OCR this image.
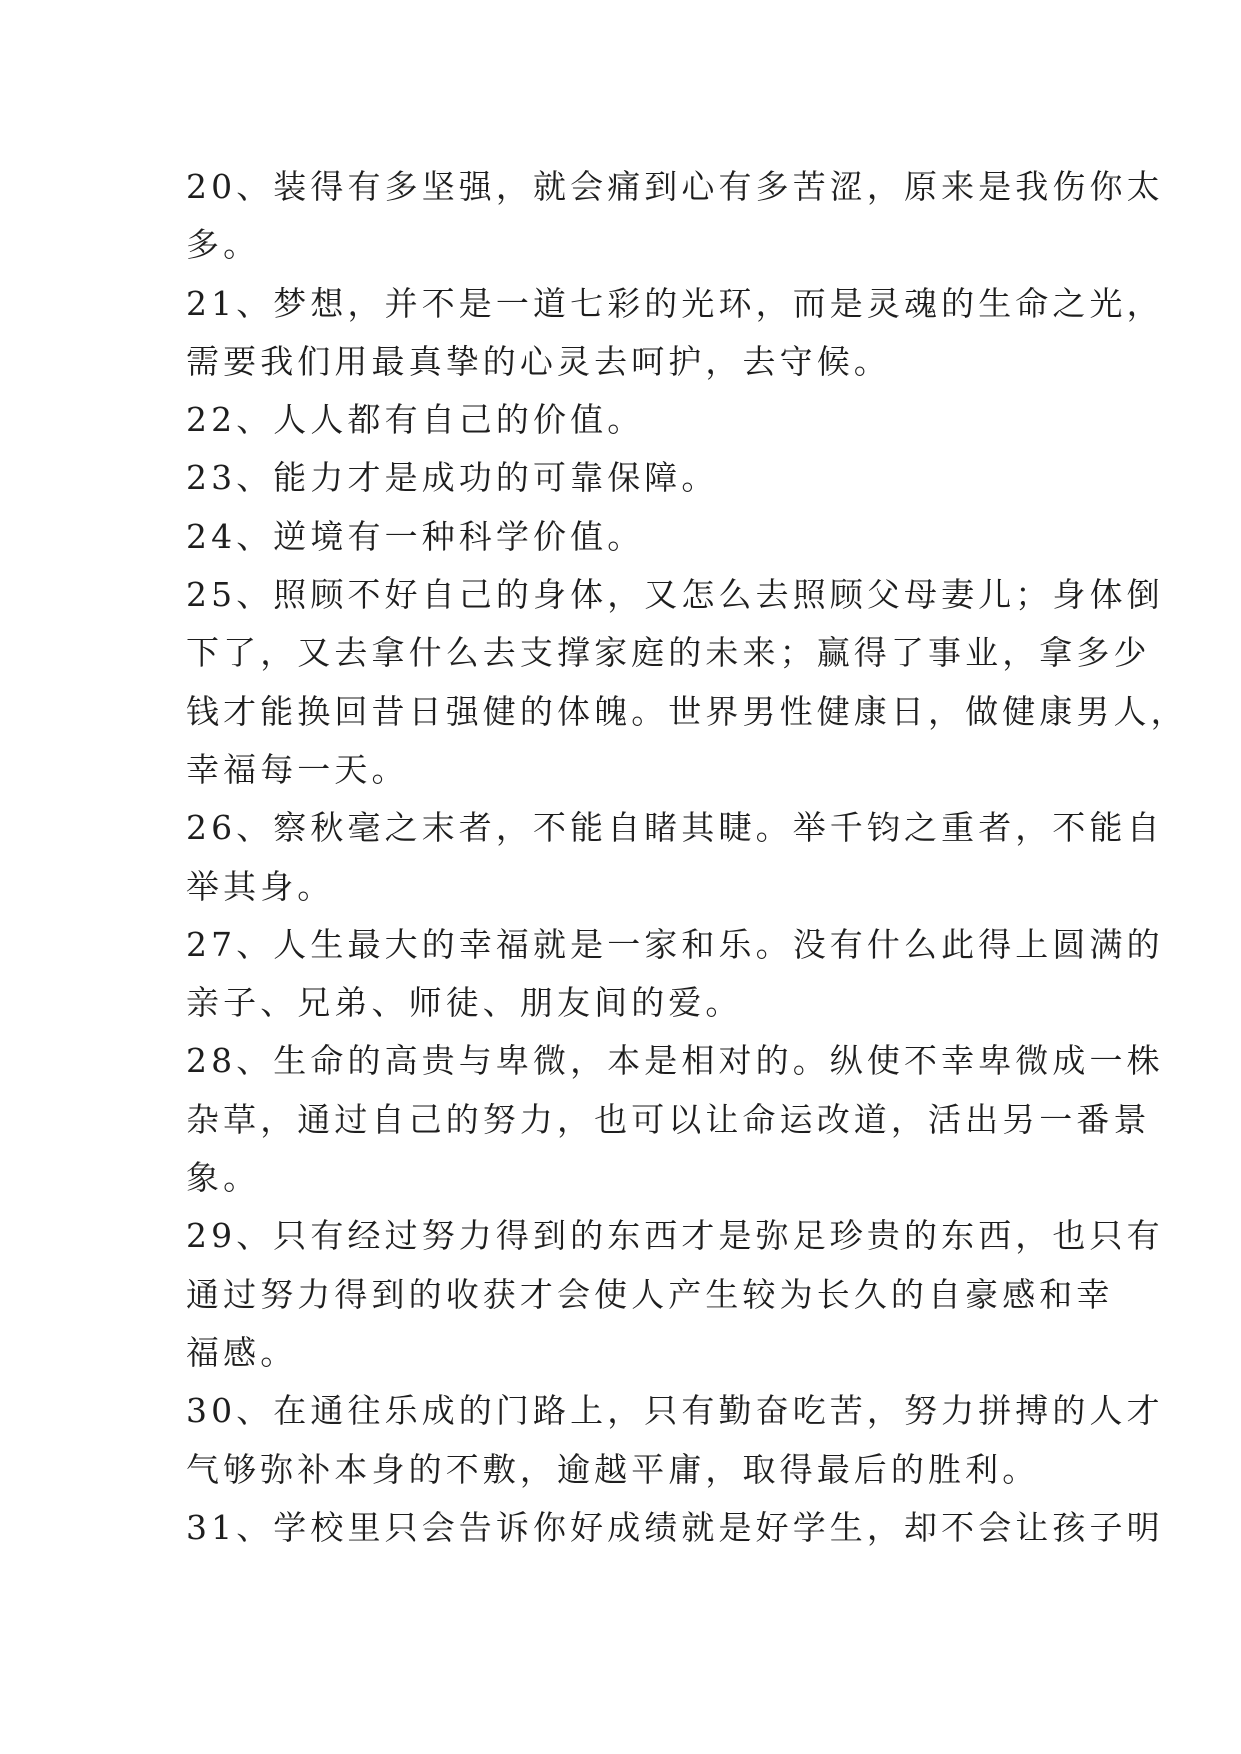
20、装得有多坚强，就会痛到心有多苦涩，原来是我伤你太
多。

21、梦想，并不是一道七彩的光环，而是灵魂的生命之光，
需要我们用最真挚的心灵去呵护，去守候。

22、人人都有自己的价值。

23、能力才是成功的可靠保障。

24、逆境有一种科学价值。

25、照顾不好自己的身体，又怎么去照顾父母妻儿；身体倒
下了，又去拿什么去支撑家庭的未来；赢得了事业，拿多少
钱才能换回昔日强健的体魄。世界男性健康日，做健康男人，
幸福每一天。

26、察秋毫之末者，不能自睹其睫。举千钧之重者，不能自
举其身。

27、人生最大的幸福就是一家和乐。没有什么此得上圆满的
亲子、兄弟、师徒、朋友间的爱。

28、生命的高贵与卑微，本是相对的。纵使不幸卑微成一株
杂草，通过自己的努力，也可以让命运改道，活出另一番景
象。

29、只有经过努力得到的东西才是弥足珍贵的东西，也只有
通过努力得到的收获才会使人产生较为长久的自豪感和幸
福感。

30、在通往乐成的门路上，只有勤奋吃苦，努力拼搏的人才
气够弥补本身的不敷，逾越平庸，取得最后的胜利。

31、学校里只会告诉你好成绩就是好学生，却不会让孩子明
